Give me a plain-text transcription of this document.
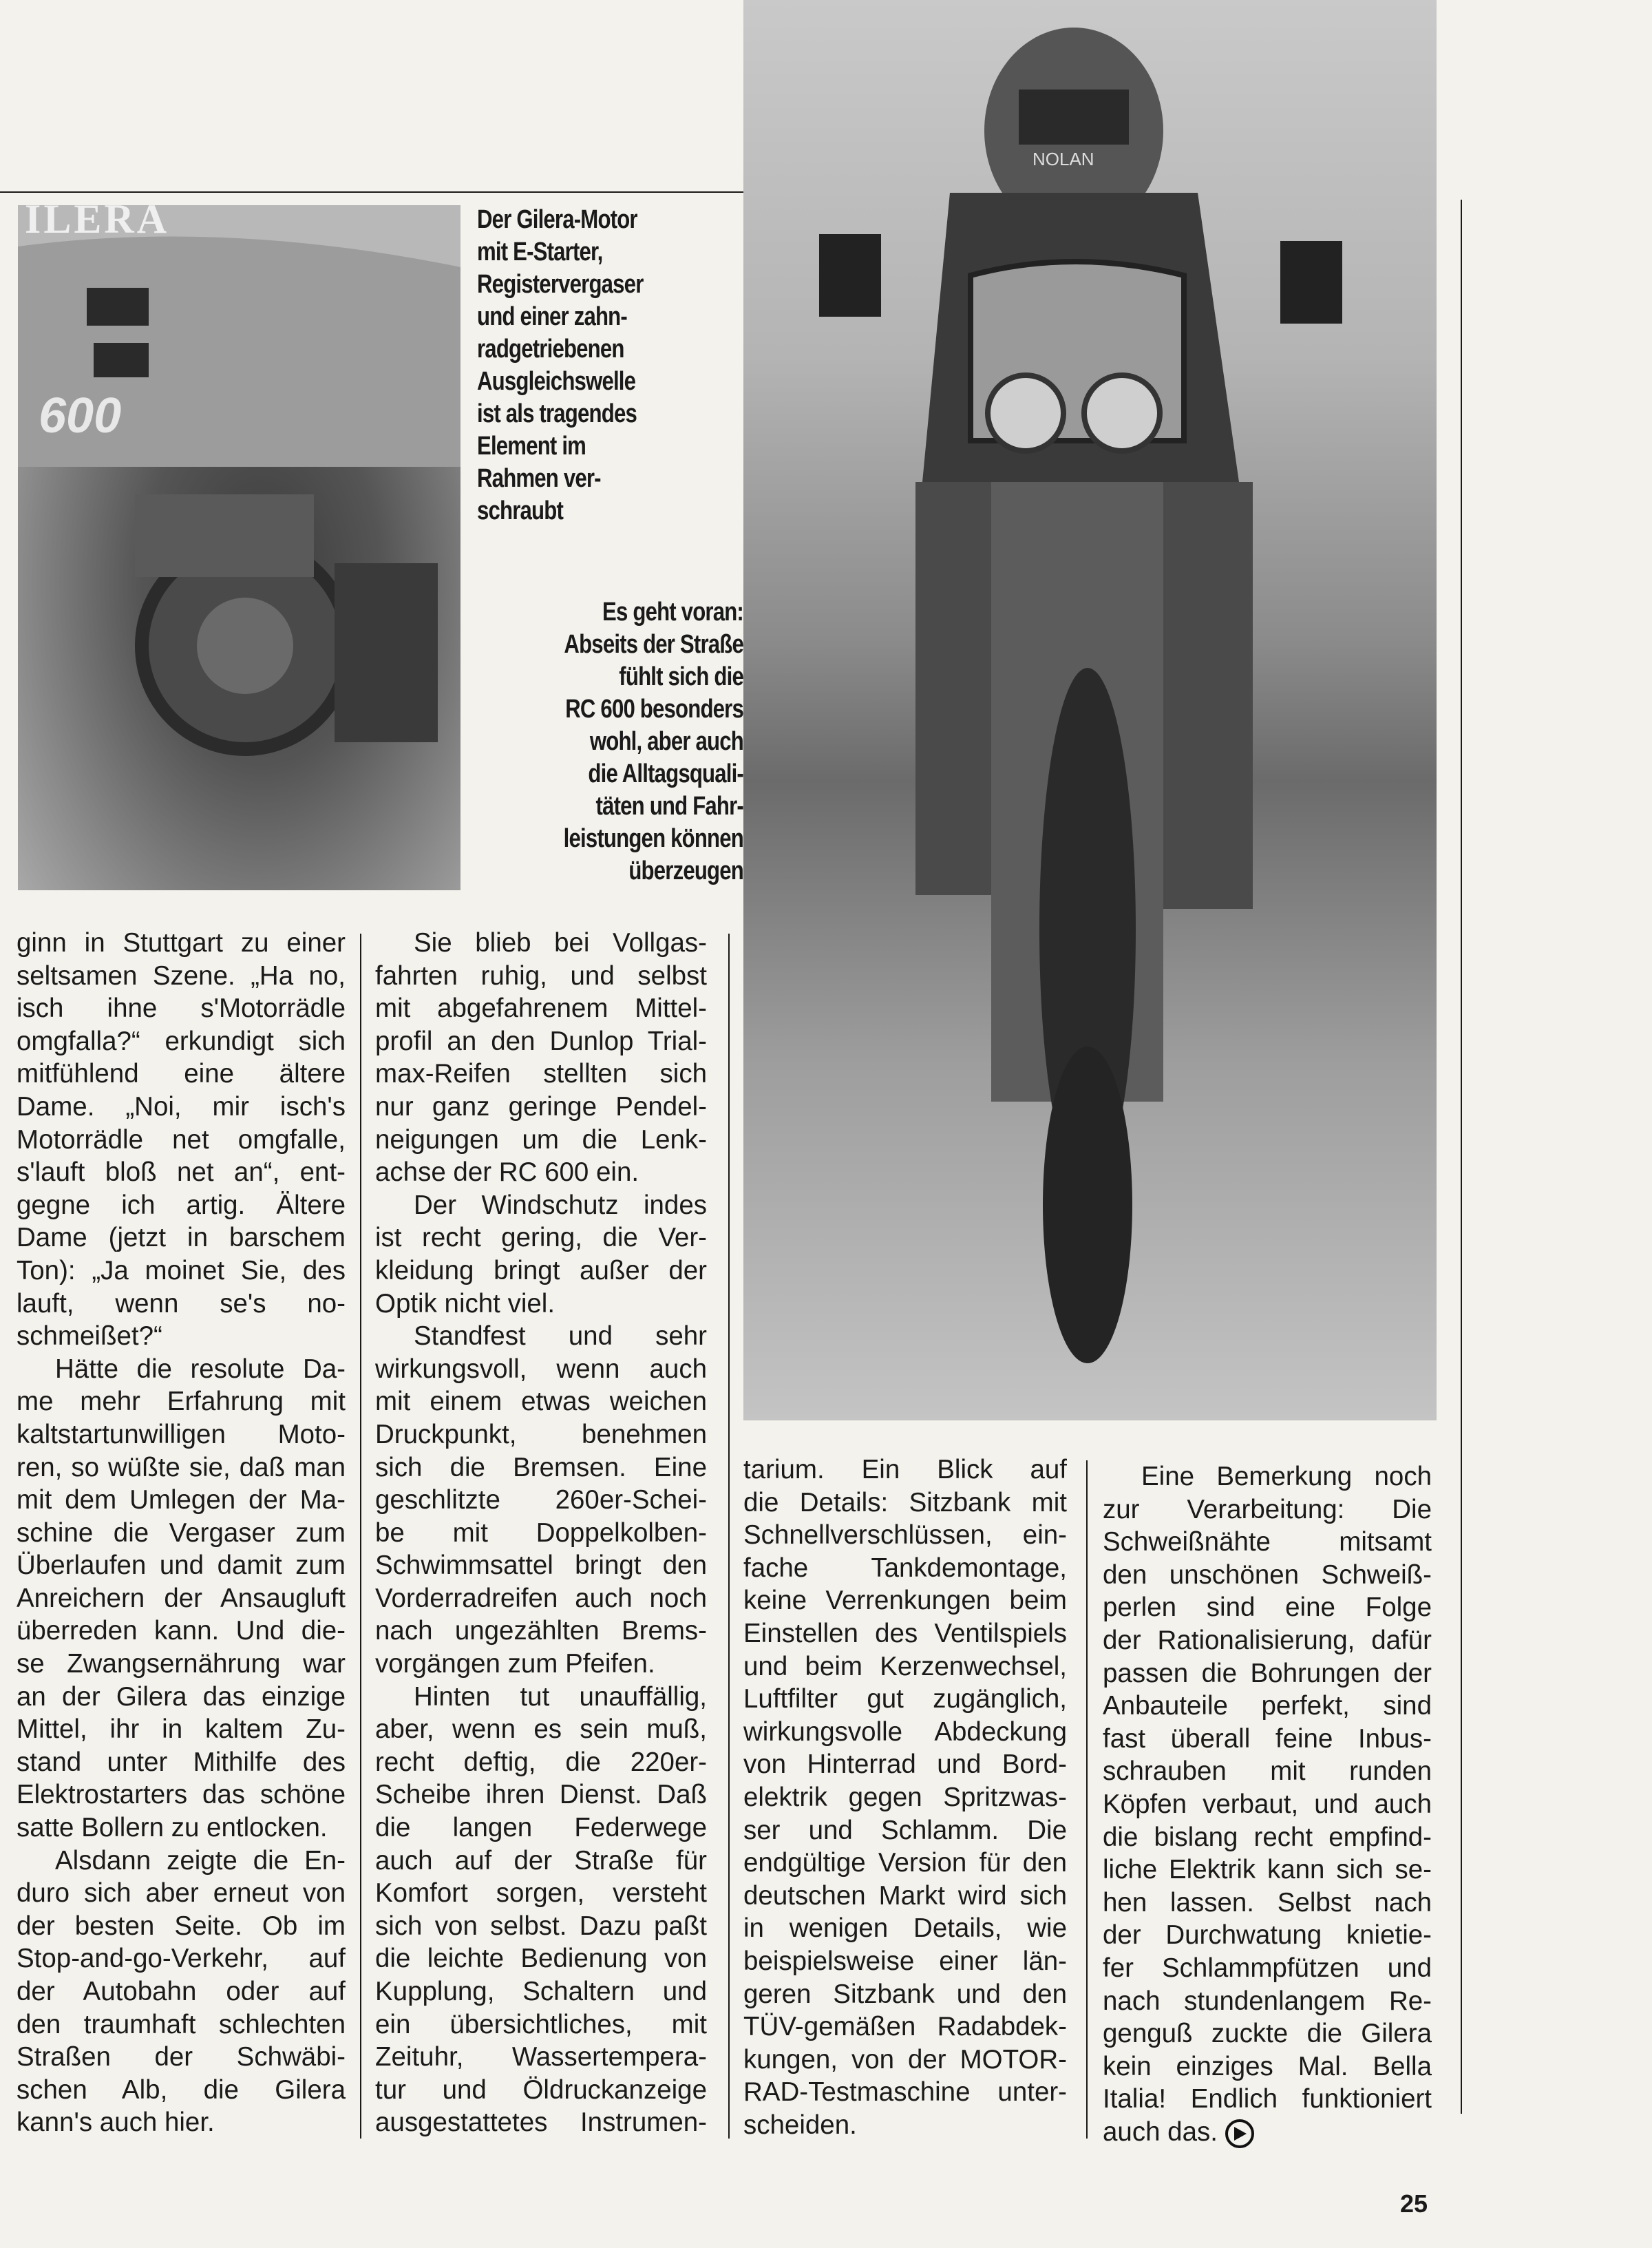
600
ILERA
NOLAN
Der Gilera-Motor
mit E-Starter,
Registervergaser
und einer zahn-
radgetriebenen
Ausgleichswelle
ist als tragendes
Element im
Rahmen ver-
schraubt
Es geht voran:
Abseits der Straße
fühlt sich die
RC 600 besonders
wohl, aber auch
die Alltagsquali-
täten und Fahr-
leistungen können
überzeugen
ginn in Stuttgart zu einer
seltsamen Szene. „Ha no,
isch ihne s'Motorrädle
omgfalla?“ erkundigt sich
mitfühlend eine ältere
Dame. „Noi, mir isch's
Motorrädle net omgfalle,
s'lauft bloß net an“, ent-
gegne ich artig. Ältere
Dame (jetzt in barschem
Ton): „Ja moinet Sie, des
lauft, wenn se's no-
schmeißet?“
Hätte die resolute Da-
me mehr Erfahrung mit
kaltstartunwilligen Moto-
ren, so wüßte sie, daß man
mit dem Umlegen der Ma-
schine die Vergaser zum
Überlaufen und damit zum
Anreichern der Ansaugluft
überreden kann. Und die-
se Zwangsernährung war
an der Gilera das einzige
Mittel, ihr in kaltem Zu-
stand unter Mithilfe des
Elektrostarters das schöne
satte Bollern zu entlocken.
Alsdann zeigte die En-
duro sich aber erneut von
der besten Seite. Ob im
Stop-and-go-Verkehr, auf
der Autobahn oder auf
den traumhaft schlechten
Straßen der Schwäbi-
schen Alb, die Gilera
kann's auch hier.
Sie blieb bei Vollgas-
fahrten ruhig, und selbst
mit abgefahrenem Mittel-
profil an den Dunlop Trial-
max-Reifen stellten sich
nur ganz geringe Pendel-
neigungen um die Lenk-
achse der RC 600 ein.
Der Windschutz indes
ist recht gering, die Ver-
kleidung bringt außer der
Optik nicht viel.
Standfest und sehr
wirkungsvoll, wenn auch
mit einem etwas weichen
Druckpunkt, benehmen
sich die Bremsen. Eine
geschlitzte 260er-Schei-
be mit Doppelkolben-
Schwimmsattel bringt den
Vorderradreifen auch noch
nach ungezählten Brems-
vorgängen zum Pfeifen.
Hinten tut unauffällig,
aber, wenn es sein muß,
recht deftig, die 220er-
Scheibe ihren Dienst. Daß
die langen Federwege
auch auf der Straße für
Komfort sorgen, versteht
sich von selbst. Dazu paßt
die leichte Bedienung von
Kupplung, Schaltern und
ein übersichtliches, mit
Zeituhr, Wassertempera-
tur und Öldruckanzeige
ausgestattetes Instrumen-
tarium. Ein Blick auf
die Details: Sitzbank mit
Schnellverschlüssen, ein-
fache Tankdemontage,
keine Verrenkungen beim
Einstellen des Ventilspiels
und beim Kerzenwechsel,
Luftfilter gut zugänglich,
wirkungsvolle Abdeckung
von Hinterrad und Bord-
elektrik gegen Spritzwas-
ser und Schlamm. Die
endgültige Version für den
deutschen Markt wird sich
in wenigen Details, wie
beispielsweise einer län-
geren Sitzbank und den
TÜV-gemäßen Radabdek-
kungen, von der MOTOR-
RAD-Testmaschine unter-
scheiden.
Eine Bemerkung noch
zur Verarbeitung: Die
Schweißnähte mitsamt
den unschönen Schweiß-
perlen sind eine Folge
der Rationalisierung, dafür
passen die Bohrungen der
Anbauteile perfekt, sind
fast überall feine Inbus-
schrauben mit runden
Köpfen verbaut, und auch
die bislang recht empfind-
liche Elektrik kann sich se-
hen lassen. Selbst nach
der Durchwatung knietie-
fer Schlammpfützen und
nach stundenlangem Re-
genguß zuckte die Gilera
kein einziges Mal. Bella
Italia! Endlich funktioniert
auch das.
25
